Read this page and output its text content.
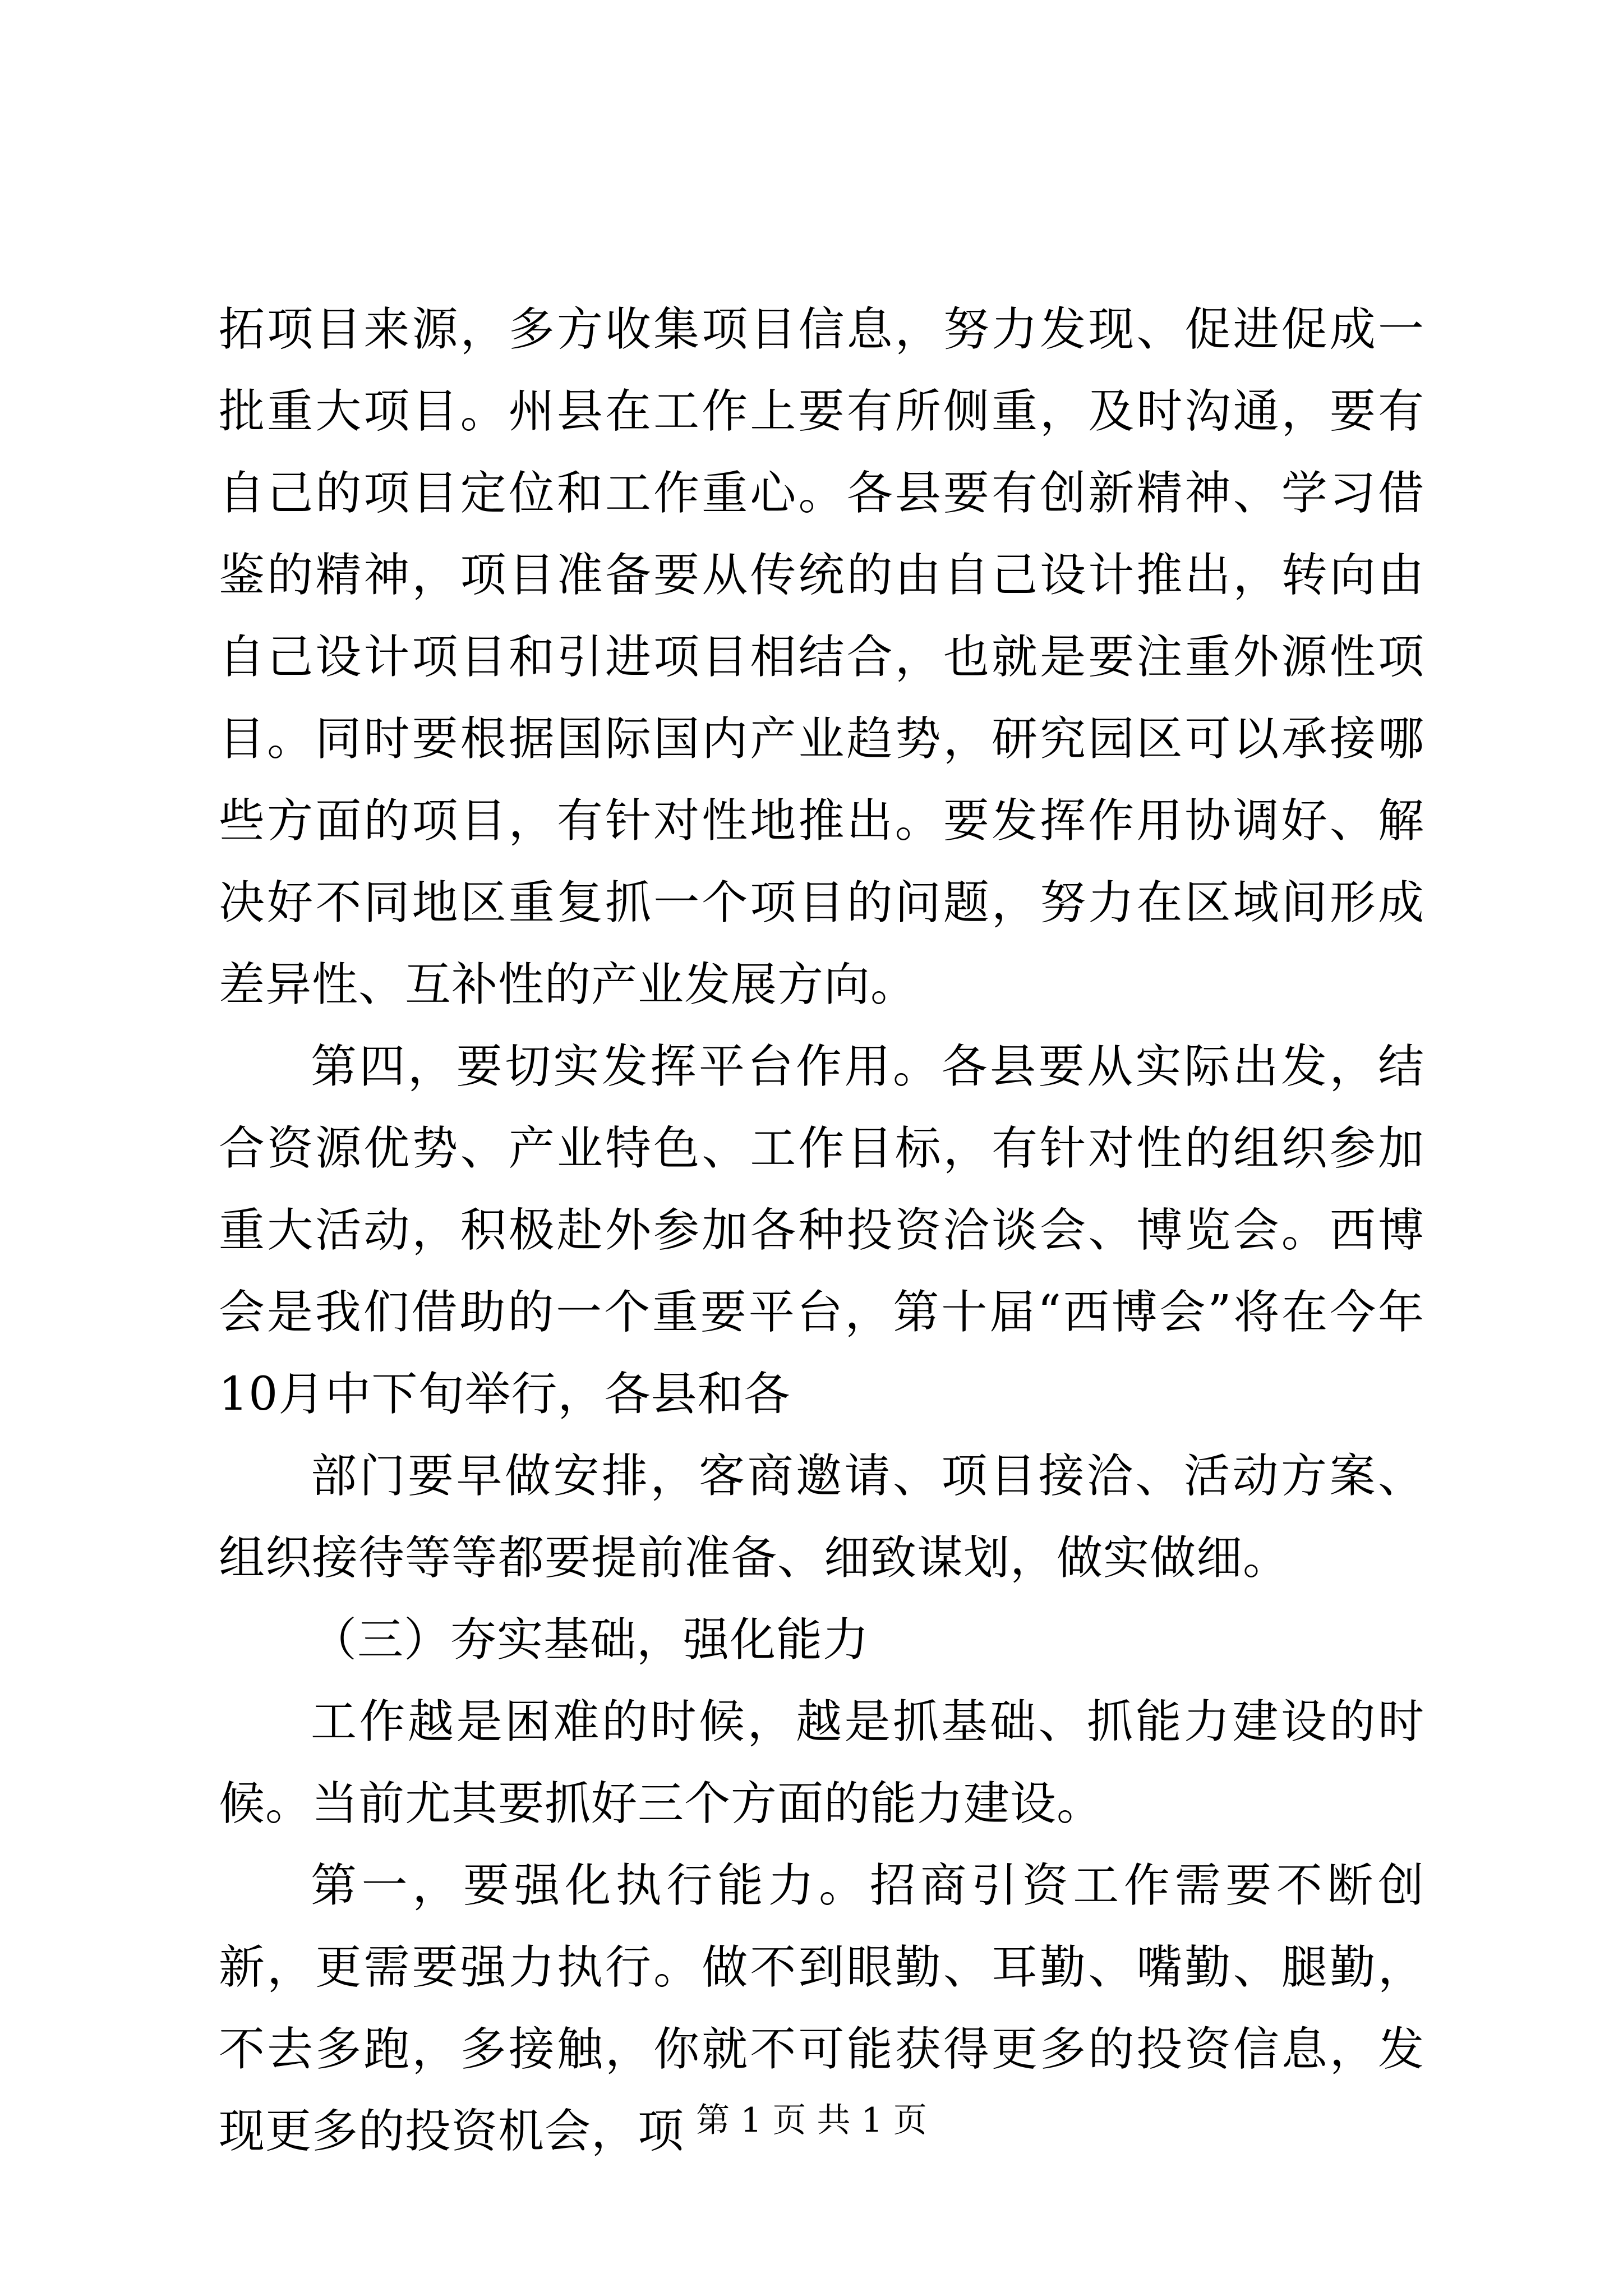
拓项目来源，多方收集项目信息，努力发现、促进促成一批重大项目。州县在工作上要有所侧重，及时沟通，要有自己的项目定位和工作重心。各县要有创新精神、学习借鉴的精神，项目准备要从传统的由自己设计推出，转向由自己设计项目和引进项目相结合，也就是要注重外源性项目。同时要根据国际国内产业趋势，研究园区可以承接哪些方面的项目，有针对性地推出。要发挥作用协调好、解决好不同地区重复抓一个项目的问题，努力在区域间形成差异性、互补性的产业发展方向。

第四，要切实发挥平台作用。各县要从实际出发，结合资源优势、产业特色、工作目标，有针对性的组织参加重大活动，积极赴外参加各种投资洽谈会、博览会。西博会是我们借助的一个重要平台，第十届“西博会”将在今年10月中下旬举行，各县和各

部门要早做安排，客商邀请、项目接洽、活动方案、组织接待等等都要提前准备、细致谋划，做实做细。

（三）夯实基础，强化能力

工作越是困难的时候，越是抓基础、抓能力建设的时候。当前尤其要抓好三个方面的能力建设。

第一，要强化执行能力。招商引资工作需要不断创新，更需要强力执行。做不到眼勤、耳勤、嘴勤、腿勤，不去多跑，多接触，你就不可能获得更多的投资信息，发现更多的投资机会，项 第 1 页 共 1 页
